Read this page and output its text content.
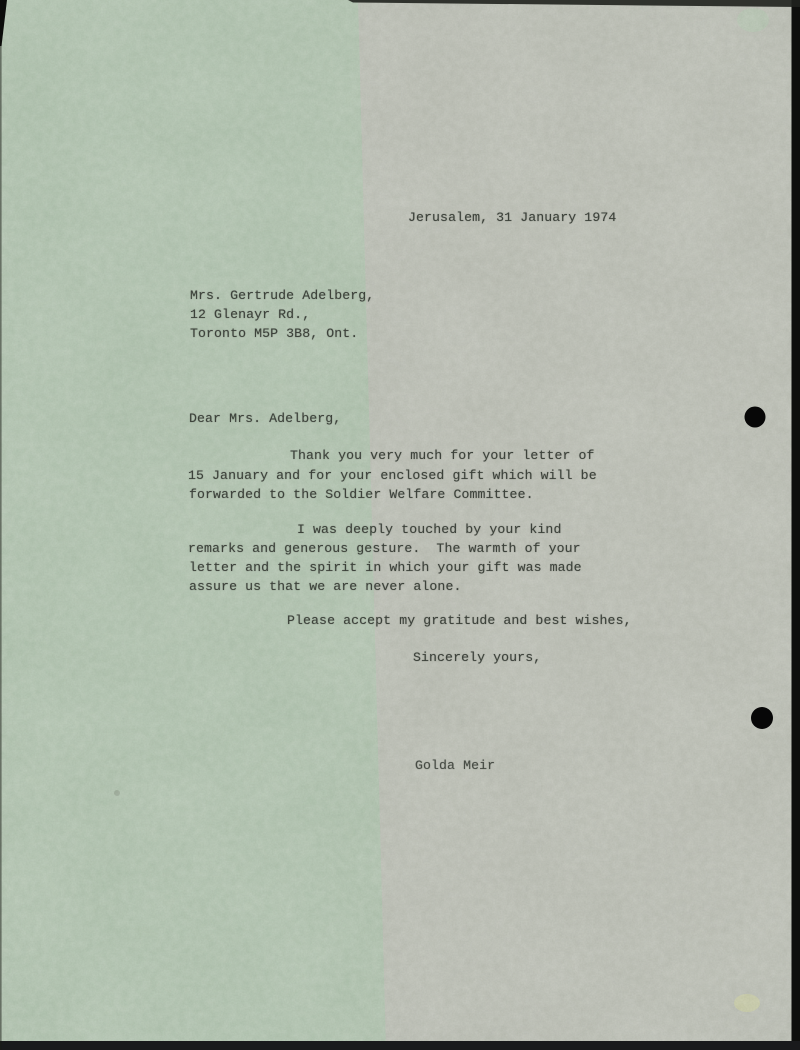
Jerusalem, 31 January 1974
Mrs. Gertrude Adelberg,
12 Glenayr Rd.,
Toronto M5P 3B8, Ont.
Dear Mrs. Adelberg,
Thank you very much for your letter of
15 January and for your enclosed gift which will be
forwarded to the Soldier Welfare Committee.
I was deeply touched by your kind
remarks and generous gesture.  The warmth of your
letter and the spirit in which your gift was made
assure us that we are never alone.
Please accept my gratitude and best wishes,
Sincerely yours,
Golda Meir
